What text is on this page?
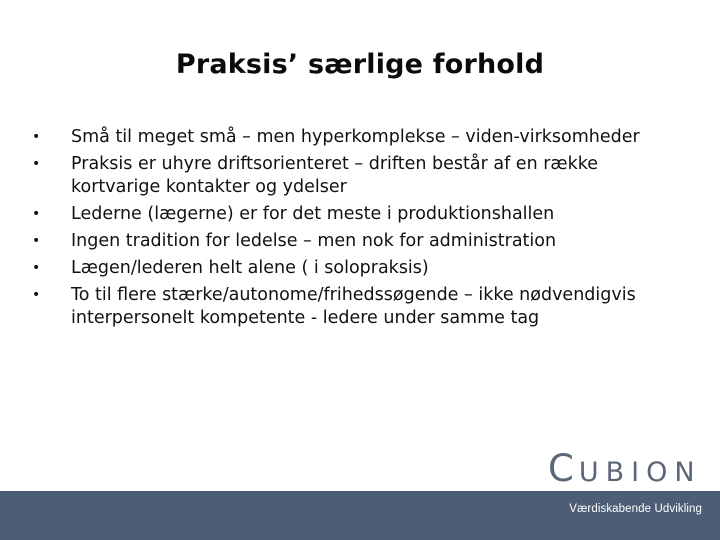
Praksis’ særlige forhold
• Små til meget små – men hyperkomplekse – viden-virksomheder
• Praksis er uhyre driftsorienteret – driften består af en række kortvarige kontakter og ydelser
• Lederne (lægerne) er for det meste i produktionshallen
• Ingen tradition for ledelse – men nok for administration
• Lægen/lederen helt alene ( i solopraksis)
• To til flere stærke/autonome/frihedssøgende – ikke nødvendigvis interpersonelt kompetente - ledere under samme tag
CUBION
Værdiskabende Udvikling
